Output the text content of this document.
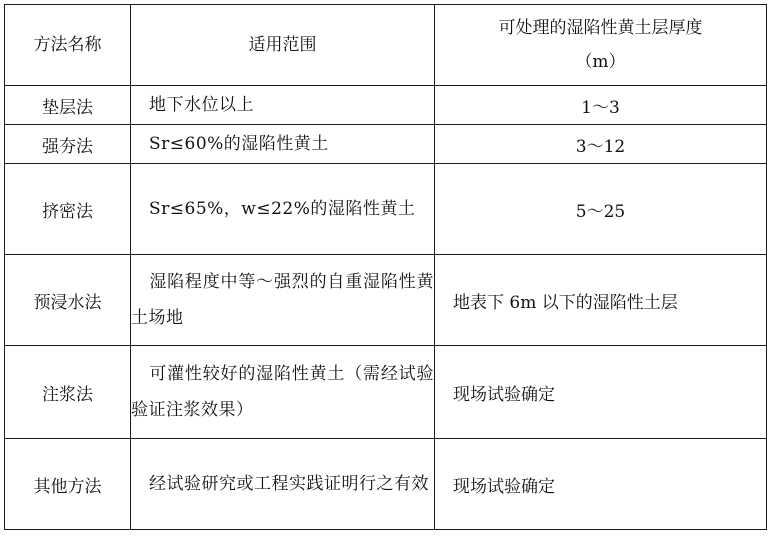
方法名称	适用范围	可处理的湿陷性黄土层厚度
（m）

垫层法	地下水位以上	1～3
强夯法	Sr≤60%的湿陷性黄土	3～12
挤密法	Sr≤65%，w≤22%的湿陷性黄土	5～25
预浸水法	湿陷程度中等～强烈的自重湿陷性黄土场地	地表下 6m 以下的湿陷性土层
注浆法	可灌性较好的湿陷性黄土（需经试验验证注浆效果）	现场试验确定
其他方法	经试验研究或工程实践证明行之有效	现场试验确定
